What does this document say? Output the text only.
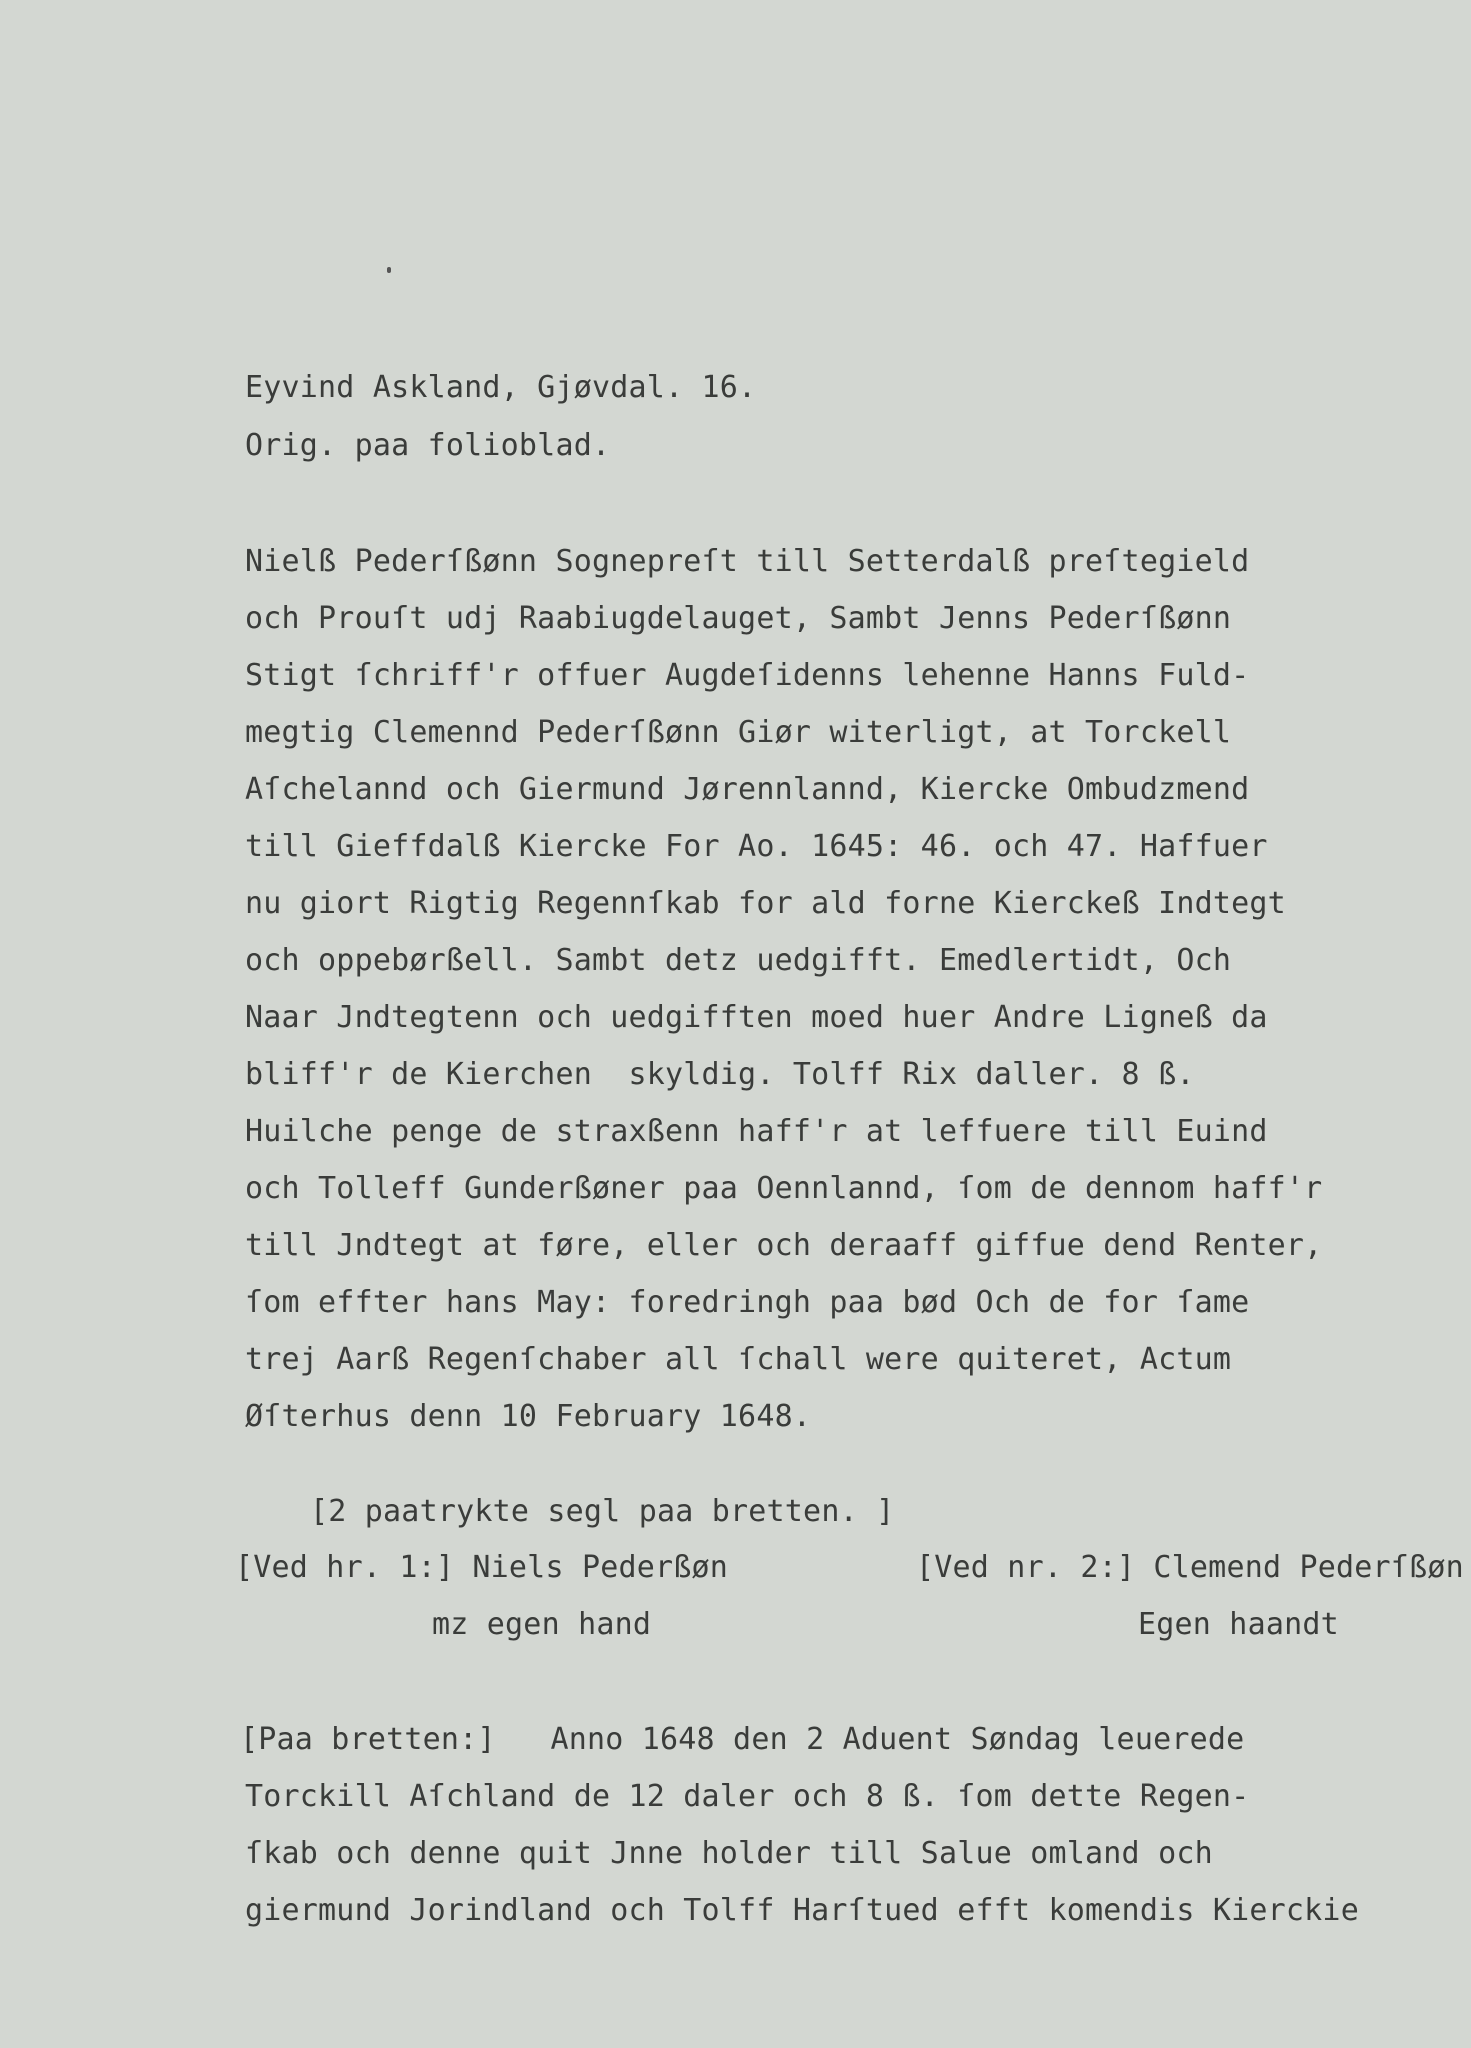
Eyvind Askland, Gjøvdal. 16.
Orig. paa folioblad.
Nielß Pederſßønn Sognepreſt till Setterdalß preſtegield
och Prouſt udj Raabiugdelauget, Sambt Jenns Pederſßønn
Stigt ſchriff'r offuer Augdeſidenns lehenne Hanns Fuld-
megtig Clemennd Pederſßønn Giør witerligt, at Torckell
Aſchelannd och Giermund Jørennlannd, Kiercke Ombudzmend
till Gieffdalß Kiercke For Ao. 1645: 46. och 47. Haffuer
nu giort Rigtig Regennſkab for ald forne Kierckeß Indtegt
och oppebørßell. Sambt detz uedgifft. Emedlertidt, Och
Naar Jndtegtenn och uedgifften moed huer Andre Ligneß da
bliff'r de Kierchen  skyldig. Tolff Rix daller. 8 ß.
Huilche penge de straxßenn haff'r at leffuere till Euind
och Tolleff Gunderßøner paa Oennlannd, ſom de dennom haff'r
till Jndtegt at føre, eller och deraaff giffue dend Renter,
ſom effter hans May: foredringh paa bød Och de for ſame
trej Aarß Regenſchaber all ſchall were quiteret, Actum
Øſterhus denn 10 February 1648.
[2 paatrykte segl paa bretten. ]
[Ved hr. 1:] Niels Pederßøn
mz egen hand
[Ved nr. 2:] Clemend Pederſßøn
Egen haandt
[Paa bretten:]   Anno 1648 den 2 Aduent Søndag leuerede
Torckill Aſchland de 12 daler och 8 ß. ſom dette Regen-
ſkab och denne quit Jnne holder till Salue omland och
giermund Jorindland och Tolff Harſtued efft komendis Kierckie
